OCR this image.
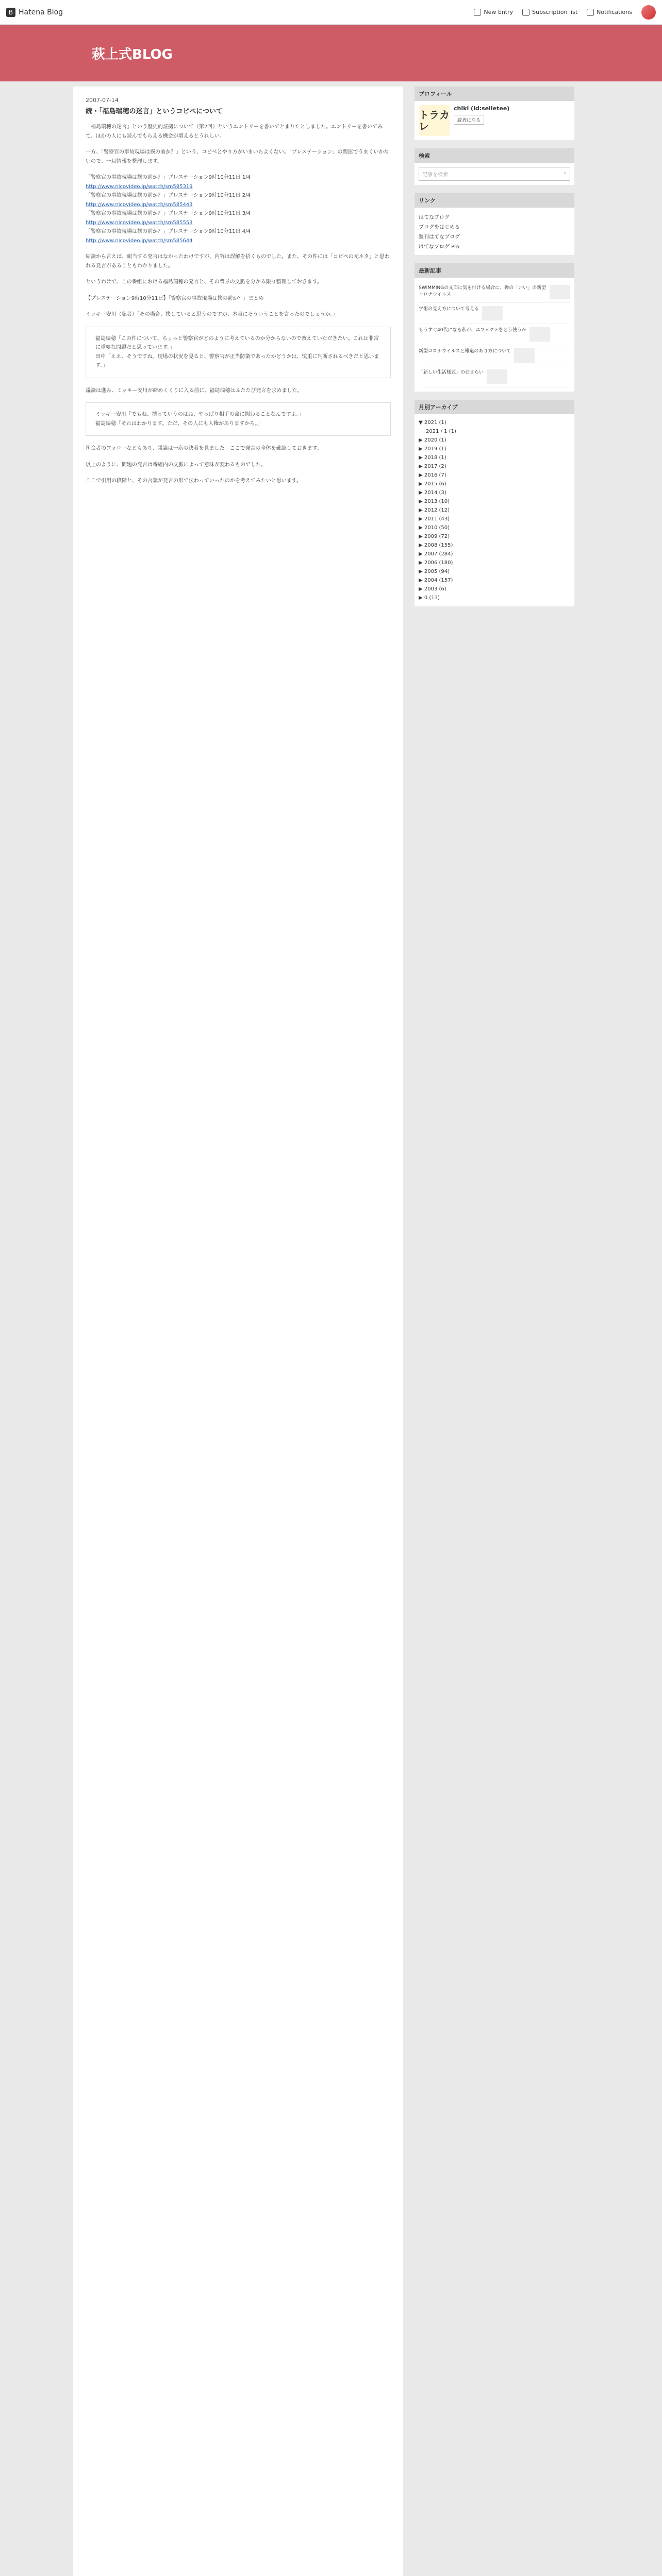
B Hatena Blog	New Entry	Subscription list	Notifications
萩上式BLOG
2007-07-14
続・「福島瑞穂の迷言」というコピペについて
「福島瑞穂の迷言」という歴史的証拠について（第2回）というエントリーを書いてとまりたとしました。エントリーを書いてみて、ほかの人にも読んでもらえる機会が増えるとうれしい。
一方、「警察官の事故現場は撲の前か？」という、コピペとやり方がいまいちよくない。「プレステーション」の関連でうまくいかないので、一旦情報を整理します。
「警察官の事故現場は撲の前か？」プレステーション9時10分11日 1/4
http://www.nicovideo.jp/watch/sm585319
「警察官の事故現場は撲の前か？」プレステーション9時10分11日 2/4
http://www.nicovideo.jp/watch/sm585443
「警察官の事故現場は撲の前か？」プレステーション9時10分11日 3/4
http://www.nicovideo.jp/watch/sm585553
「警察官の事故現場は撲の前か？」プレステーション9時10分11日 4/4
http://www.nicovideo.jp/watch/sm585644
結論から言えば、頭当する発言はなかったわけですが、内容は誤解を招くものでした。また、その件には「コピペの元ネタ」と思われる発言があることもわかりました。
というわけで、この番組における福島瑞穂の発言と、その背景の文脈を分かる限り整理しておきます。
【プレステーション9時10分11日】「警察官の事故現場は撲の前か？」まとめ
ミッキー安川（聴者）「その場合、撲していると思うのですが、本当にそういうことを言ったのでしょうか。」
福島瑞穂「この件について、ちょっと警察官がどのように考えているのか分からないので教えていただきたい。これは非常に重要な問題だと思っています。」
田中「ええ、そうですね。現場の状況を見ると、警察官が正当防衛であったかどうかは、慎重に判断されるべきだと思います。」
議論は進み、ミッキー安川が締めくくりに入る前に、福島瑞穂はふたたび発言を求めました。
ミッキー安川「でもね、撲っていうのはね、やっぱり相手の命に関わることなんですよ。」
福島瑞穂「それはわかります。ただ、その人にも人権がありますから。」
司会者のフォローなどもあり、議論は一応の決着を見ました。ここで発言の全体を確認しておきます。
以上のように、問題の発言は番組内の文脈によって意味が変わるものでした。
ここで引用の段階と、その言葉が発言の形で伝わっていったのかを考えてみたいと思います。
プロフィール
トラカレ
chiki (id:seiletee)
読者になる
検索
記事を検索	⌕
リンク
はてなブログ
ブログをはじめる
週刊はてなブログ
はてなブログ Pro
最新記事
SWIMMINGの文面に気を付ける場合に、弾の「いい」の新型コロナウイルス
学術の見え方について考える
もうすぐ40代になる私が、エフェクトをどう使うか
新型コロナウイルスと報道のあり方について
「新しい生活様式」のおさらい
月別アーカイブ
▼ 2021 (1)
2021 / 1 (1)
▶ 2020 (1)
▶ 2019 (1)
▶ 2018 (1)
▶ 2017 (2)
▶ 2016 (7)
▶ 2015 (6)
▶ 2014 (3)
▶ 2013 (10)
▶ 2012 (12)
▶ 2011 (43)
▶ 2010 (50)
▶ 2009 (72)
▶ 2008 (155)
▶ 2007 (284)
▶ 2006 (180)
▶ 2005 (94)
▶ 2004 (157)
▶ 2003 (6)
▶ 0 (13)
